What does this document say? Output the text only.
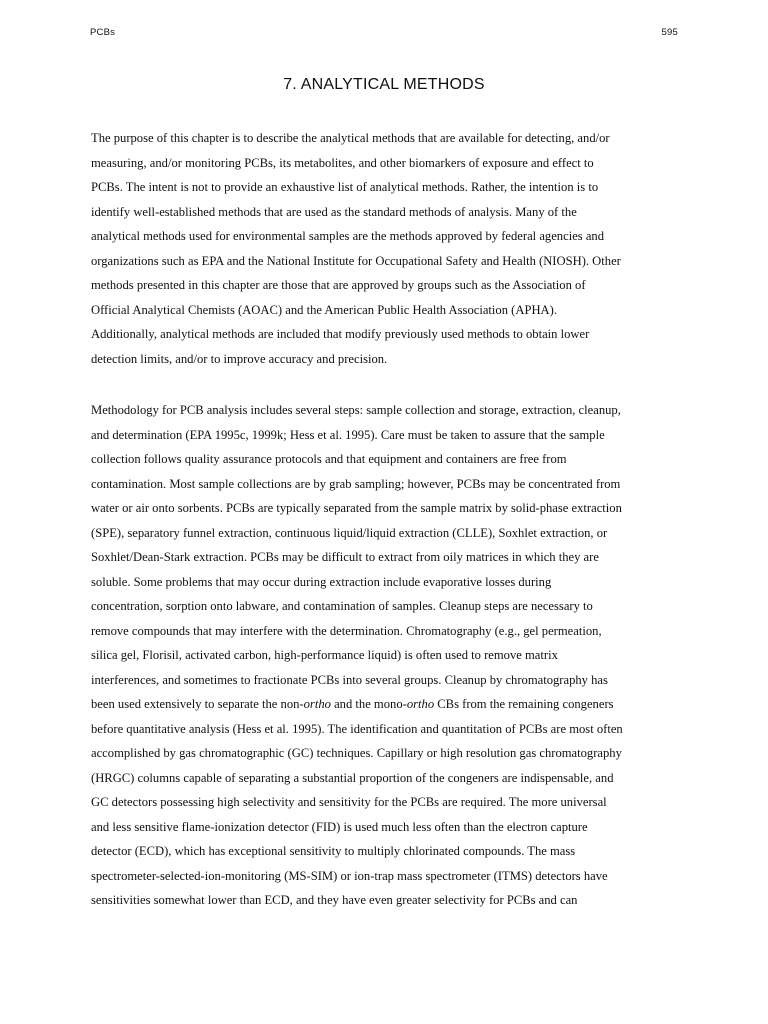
PCBs	595
7. ANALYTICAL METHODS
The purpose of this chapter is to describe the analytical methods that are available for detecting, and/or
measuring, and/or monitoring PCBs, its metabolites, and other biomarkers of exposure and effect to
PCBs. The intent is not to provide an exhaustive list of analytical methods. Rather, the intention is to
identify well-established methods that are used as the standard methods of analysis. Many of the
analytical methods used for environmental samples are the methods approved by federal agencies and
organizations such as EPA and the National Institute for Occupational Safety and Health (NIOSH). Other
methods presented in this chapter are those that are approved by groups such as the Association of
Official Analytical Chemists (AOAC) and the American Public Health Association (APHA).
Additionally, analytical methods are included that modify previously used methods to obtain lower
detection limits, and/or to improve accuracy and precision.
Methodology for PCB analysis includes several steps: sample collection and storage, extraction, cleanup,
and determination (EPA 1995c, 1999k; Hess et al. 1995). Care must be taken to assure that the sample
collection follows quality assurance protocols and that equipment and containers are free from
contamination. Most sample collections are by grab sampling; however, PCBs may be concentrated from
water or air onto sorbents. PCBs are typically separated from the sample matrix by solid-phase extraction
(SPE), separatory funnel extraction, continuous liquid/liquid extraction (CLLE), Soxhlet extraction, or
Soxhlet/Dean-Stark extraction. PCBs may be difficult to extract from oily matrices in which they are
soluble. Some problems that may occur during extraction include evaporative losses during
concentration, sorption onto labware, and contamination of samples. Cleanup steps are necessary to
remove compounds that may interfere with the determination. Chromatography (e.g., gel permeation,
silica gel, Florisil, activated carbon, high-performance liquid) is often used to remove matrix
interferences, and sometimes to fractionate PCBs into several groups. Cleanup by chromatography has
been used extensively to separate the non-ortho and the mono-ortho CBs from the remaining congeners
before quantitative analysis (Hess et al. 1995). The identification and quantitation of PCBs are most often
accomplished by gas chromatographic (GC) techniques. Capillary or high resolution gas chromatography
(HRGC) columns capable of separating a substantial proportion of the congeners are indispensable, and
GC detectors possessing high selectivity and sensitivity for the PCBs are required. The more universal
and less sensitive flame-ionization detector (FID) is used much less often than the electron capture
detector (ECD), which has exceptional sensitivity to multiply chlorinated compounds. The mass
spectrometer-selected-ion-monitoring (MS-SIM) or ion-trap mass spectrometer (ITMS) detectors have
sensitivities somewhat lower than ECD, and they have even greater selectivity for PCBs and can
